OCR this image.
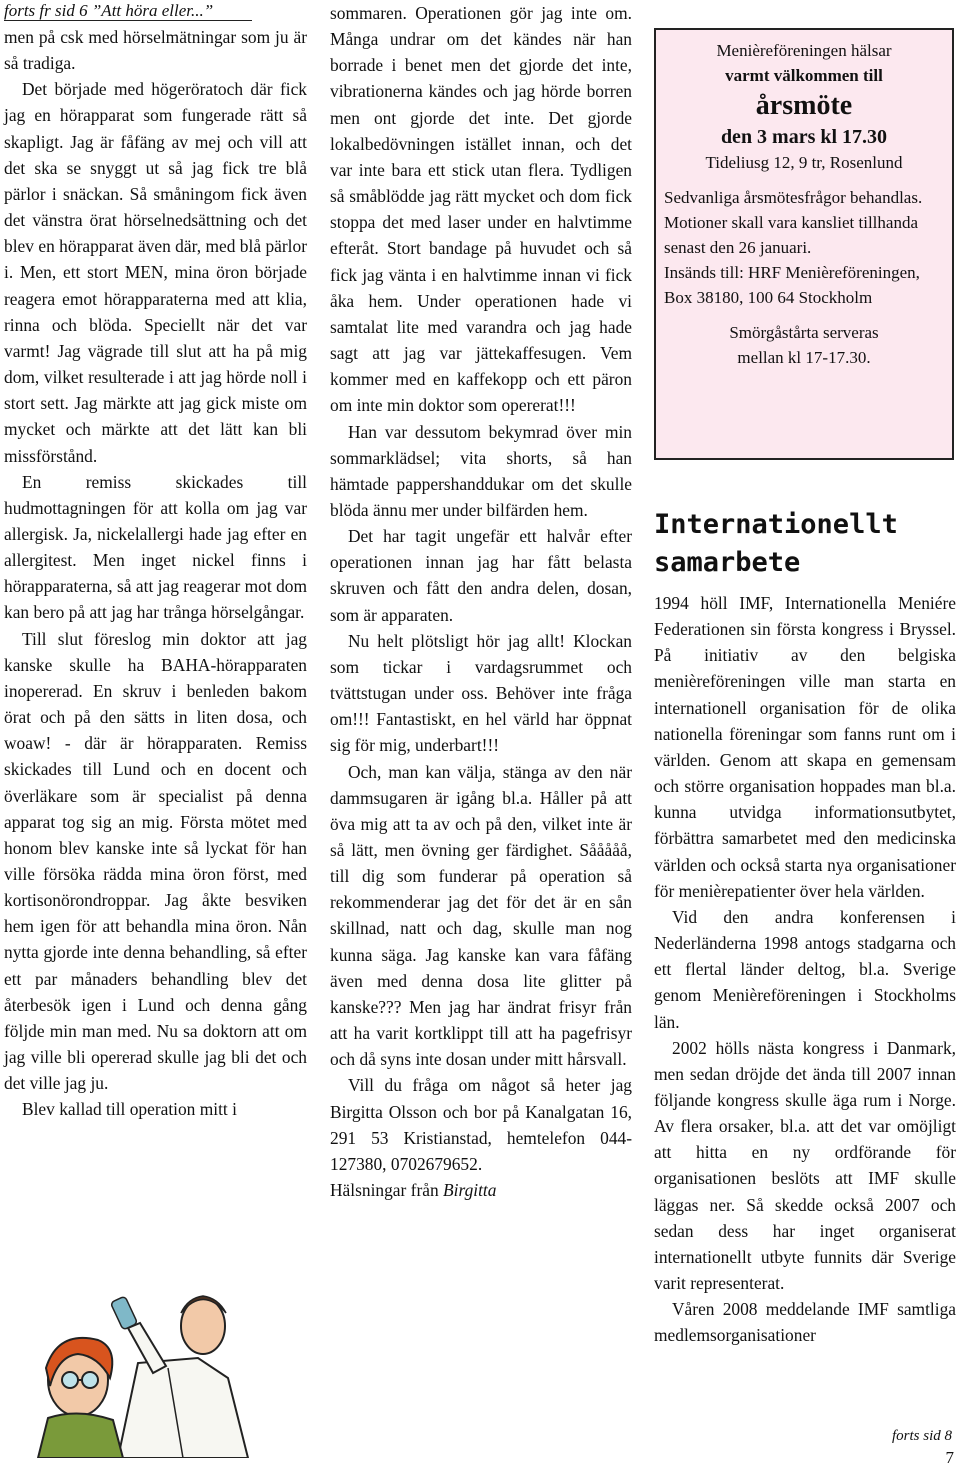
forts fr sid 6 ”Att höra eller...”

men på csk med hörselmätningar som ju är så tradiga.

Det började med högeröratoch där fick jag en hörapparat som fungerade rätt så skapligt. Jag är fåfäng av mej och vill att det ska se snyggt ut så jag fick tre blå pärlor i snäckan. Så småningom fick även det vänstra örat hörselnedsättning och det blev en hörapparat även där, med blå pärlor i. Men, ett stort MEN, mina öron började reagera emot hörapparaterna med att klia, rinna och blöda. Speciellt när det var varmt! Jag vägrade till slut att ha på mig dom, vilket resulterade i att jag hörde noll i stort sett. Jag märkte att jag gick miste om mycket och märkte att det lätt kan bli missförstånd.

En remiss skickades till hudmottagningen för att kolla om jag var allergisk. Ja, nickelallergi hade jag efter en allergitest. Men inget nickel finns i hörapparaterna, så att jag reagerar mot dom kan bero på att jag har trånga hörselgångar.

Till slut föreslog min doktor att jag kanske skulle ha BAHA-hörapparaten inopererad. En skruv i benleden bakom örat och på den sätts in liten dosa, och woaw! - där är hörapparaten. Remiss skickades till Lund och en docent och överläkare som är specialist på denna apparat tog sig an mig. Första mötet med honom blev kanske inte så lyckat för han ville försöka rädda mina öron först, med kortisonörondroppar. Jag åkte besviken hem igen för att behandla mina öron. Nån nytta gjorde inte denna behandling, så efter ett par månaders behandling blev det återbesök igen i Lund och denna gång följde min man med. Nu sa doktorn att om jag ville bli opererad skulle jag bli det och det ville jag ju.

Blev kallad till operation mitt i

sommaren. Operationen gör jag inte om. Många undrar om det kändes när han borrade i benet men det gjorde det inte, vibrationerna kändes och jag hörde borren men ont gjorde det inte. Det gjorde lokalbedövningen istället innan, och det var inte bara ett stick utan flera. Tydligen så småblödde jag rätt mycket och dom fick stoppa det med laser under en halvtimme efteråt. Stort bandage på huvudet och så fick jag vänta i en halvtimme innan vi fick åka hem. Under operationen hade vi samtalat lite med varandra och jag hade sagt att jag var jättekaffesugen. Vem kommer med en kaffekopp och ett päron om inte min doktor som opererat!!!

Han var dessutom bekymrad över min sommarklädsel; vita shorts, så han hämtade pappershanddukar om det skulle blöda ännu mer under bilfärden hem.

Det har tagit ungefär ett halvår efter operationen innan jag har fått belasta skruven och fått den andra delen, dosan, som är apparaten.

Nu helt plötsligt hör jag allt! Klockan som tickar i vardagsrummet och tvättstugan under oss. Behöver inte fråga om!!! Fantastiskt, en hel värld har öppnat sig för mig, underbart!!!

Och, man kan välja, stänga av den när dammsugaren är igång bl.a. Håller på att öva mig att ta av och på den, vilket inte är så lätt, men övning ger färdighet. Sååååå, till dig som funderar på operation så rekommenderar jag det för det är en sån skillnad, natt och dag, skulle man nog kunna säga. Jag kanske kan vara fåfäng även med denna dosa lite glitter på kanske??? Men jag har ändrat frisyr från att ha varit kortklippt till att ha pagefrisyr och då syns inte dosan under mitt hårsvall.

Vill du fråga om något så heter jag Birgitta Olsson och bor på Kanalgatan 16, 291 53 Kristianstad, hemtelefon 044-127380, 0702679652.

Hälsningar från Birgitta

Menièreföreningen hälsar
varmt välkommen till
årsmöte
den 3 mars kl 17.30
Tideliusg 12, 9 tr, Rosenlund

Sedvanliga årsmötesfrågor behandlas.

Motioner skall vara kansliet tillhanda senast den 26 januari.

Insänds till: HRF Menièreföreningen, Box 38180, 100 64 Stockholm

Smörgåstårta serveras
mellan kl 17-17.30.
Internationellt samarbete

1994 höll IMF, Internationella Meniére Federationen sin första kongress i Bryssel. På initiativ av den belgiska menièreföreningen ville man starta en internationell organisation för de olika nationella föreningar som fanns runt om i världen. Genom att skapa en gemensam och större organisation hoppades man bl.a. kunna utvidga informationsutbytet, förbättra samarbetet med den medicinska världen och också starta nya organisationer för menièrepatienter över hela världen.

Vid den andra konferensen i Nederländerna 1998 antogs stadgarna och ett flertal länder deltog, bl.a. Sverige genom Menièreföreningen i Stockholms län.

2002 hölls nästa kongress i Danmark, men sedan dröjde det ända till 2007 innan följande kongress skulle äga rum i Norge. Av flera orsaker, bl.a. att det var omöjligt att hitta en ny ordförande för organisationen beslöts att IMF skulle läggas ner. Så skedde också 2007 och sedan dess har inget organiserat internationellt utbyte funnits där Sverige varit representerat.

Våren 2008 meddelande IMF samtliga medlemsorganisationer

forts sid 8
7
